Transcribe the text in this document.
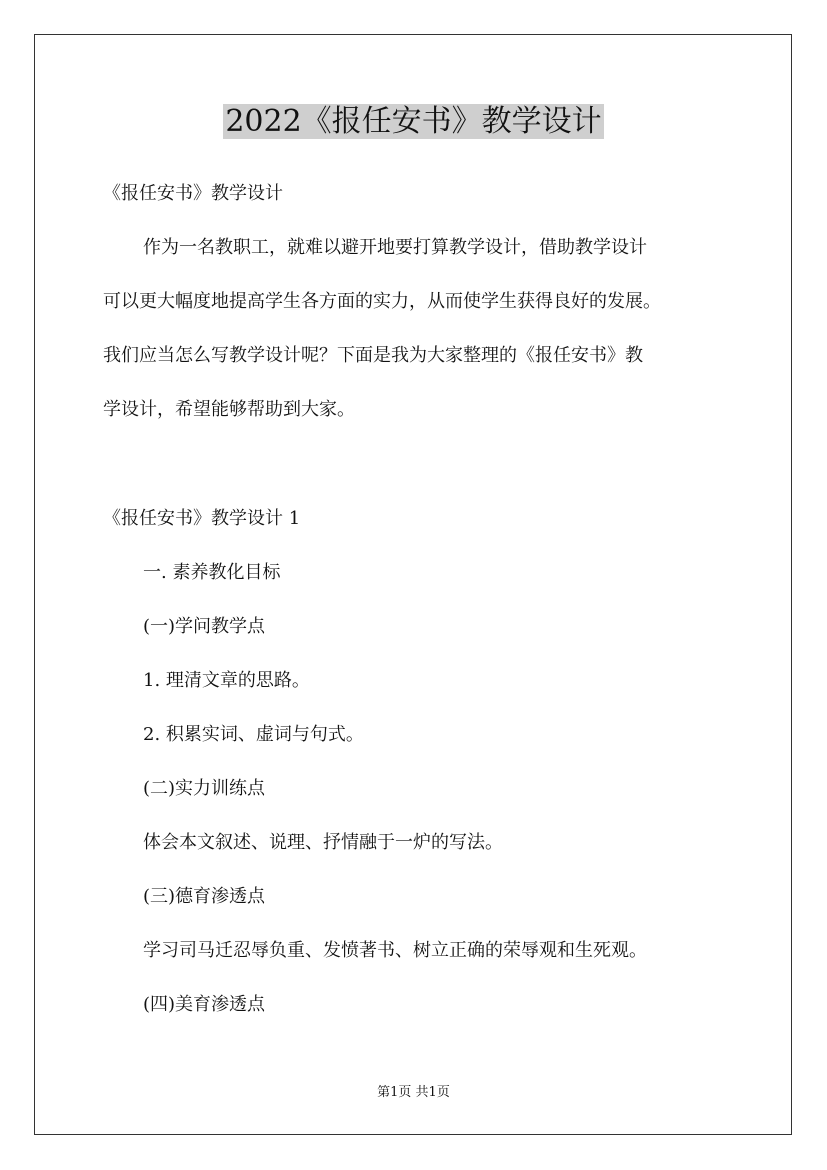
2022《报任安书》教学设计
《报任安书》教学设计
作为一名教职工，就难以避开地要打算教学设计，借助教学设计
可以更大幅度地提高学生各方面的实力，从而使学生获得良好的发展。
我们应当怎么写教学设计呢？下面是我为大家整理的《报任安书》教
学设计，希望能够帮助到大家。
《报任安书》教学设计 1
一. 素养教化目标
(一)学问教学点
1. 理清文章的思路。
2. 积累实词、虚词与句式。
(二)实力训练点
体会本文叙述、说理、抒情融于一炉的写法。
(三)德育渗透点
学习司马迁忍辱负重、发愤著书、树立正确的荣辱观和生死观。
(四)美育渗透点
第1页 共1页
